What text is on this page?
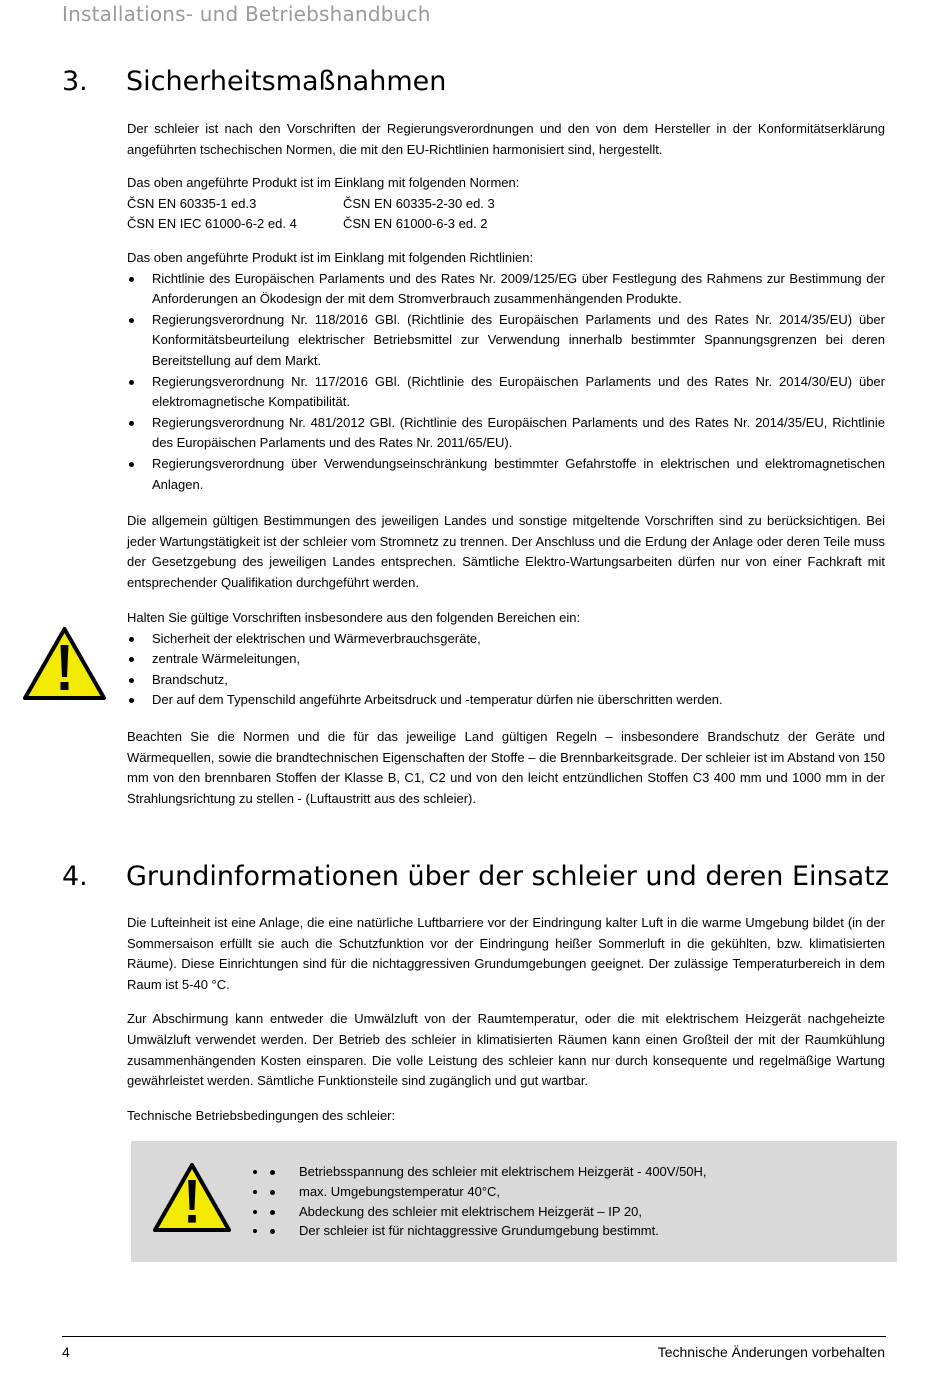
Installations- und Betriebshandbuch
3. Sicherheitsmaßnahmen

Der schleier ist nach den Vorschriften der Regierungsverordnungen und den von dem Hersteller in der Konformitätserklärung angeführten tschechischen Normen, die mit den EU-Richtlinien harmonisiert sind, hergestellt.

Das oben angeführte Produkt ist im Einklang mit folgenden Normen:
ČSN EN 60335-1 ed.3	ČSN EN 60335-2-30 ed. 3
ČSN EN IEC 61000-6-2 ed. 4	ČSN EN 61000-6-3 ed. 2
Das oben angeführte Produkt ist im Einklang mit folgenden Richtlinien:
Richtlinie des Europäischen Parlaments und des Rates Nr. 2009/125/EG über Festlegung des Rahmens zur Bestimmung der Anforderungen an Ökodesign der mit dem Stromverbrauch zusammenhängenden Produkte.
Regierungsverordnung Nr. 118/2016 GBl. (Richtlinie des Europäischen Parlaments und des Rates Nr. 2014/35/EU) über Konformitätsbeurteilung elektrischer Betriebsmittel zur Verwendung innerhalb bestimmter Spannungsgrenzen bei deren Bereitstellung auf dem Markt.
Regierungsverordnung Nr. 117/2016 GBl. (Richtlinie des Europäischen Parlaments und des Rates Nr. 2014/30/EU) über elektromagnetische Kompatibilität.
Regierungsverordnung Nr. 481/2012 GBl. (Richtlinie des Europäischen Parlaments und des Rates Nr. 2014/35/EU, Richtlinie des Europäischen Parlaments und des Rates Nr. 2011/65/EU).
Regierungsverordnung über Verwendungseinschränkung bestimmter Gefahrstoffe in elektrischen und elektromagnetischen Anlagen.

Die allgemein gültigen Bestimmungen des jeweiligen Landes und sonstige mitgeltende Vorschriften sind zu berücksichtigen. Bei jeder Wartungstätigkeit ist der schleier vom Stromnetz zu trennen. Der Anschluss und die Erdung der Anlage oder deren Teile muss der Gesetzgebung des jeweiligen Landes entsprechen. Sämtliche Elektro-Wartungsarbeiten dürfen nur von einer Fachkraft mit entsprechender Qualifikation durchgeführt werden.

Halten Sie gültige Vorschriften insbesondere aus den folgenden Bereichen ein:
Sicherheit der elektrischen und Wärmeverbrauchsgeräte,
zentrale Wärmeleitungen,
Brandschutz,
Der auf dem Typenschild angeführte Arbeitsdruck und -temperatur dürfen nie überschritten werden.

Beachten Sie die Normen und die für das jeweilige Land gültigen Regeln – insbesondere Brandschutz der Geräte und Wärmequellen, sowie die brandtechnischen Eigenschaften der Stoffe – die Brennbarkeitsgrade. Der schleier ist im Abstand von 150 mm von den brennbaren Stoffen der Klasse B, C1, C2 und von den leicht entzündlichen Stoffen C3 400 mm und 1000 mm in der Strahlungsrichtung zu stellen - (Luftaustritt aus des schleier).

4. Grundinformationen über der schleier und deren Einsatz

Die Lufteinheit ist eine Anlage, die eine natürliche Luftbarriere vor der Eindringung kalter Luft in die warme Umgebung bildet (in der Sommersaison erfüllt sie auch die Schutzfunktion vor der Eindringung heißer Sommerluft in die gekühlten, bzw. klimatisierten Räume). Diese Einrichtungen sind für die nichtaggressiven Grundumgebungen geeignet. Der zulässige Temperaturbereich in dem Raum ist 5-40 °C.

Zur Abschirmung kann entweder die Umwälzluft von der Raumtemperatur, oder die mit elektrischem Heizgerät nachgeheizte Umwälzluft verwendet werden. Der Betrieb des schleier in klimatisierten Räumen kann einen Großteil der mit der Raumkühlung zusammenhängenden Kosten einsparen. Die volle Leistung des schleier kann nur durch konsequente und regelmäßige Wartung gewährleistet werden. Sämtliche Funktionsteile sind zugänglich und gut wartbar.

Technische Betriebsbedingungen des schleier:

• Betriebsspannung des schleier mit elektrischem Heizgerät - 400V/50H,
• max. Umgebungstemperatur 40°C,
• Abdeckung des schleier mit elektrischem Heizgerät – IP 20,
• Der schleier ist für nichtaggressive Grundumgebung bestimmt.
4	Technische Änderungen vorbehalten
